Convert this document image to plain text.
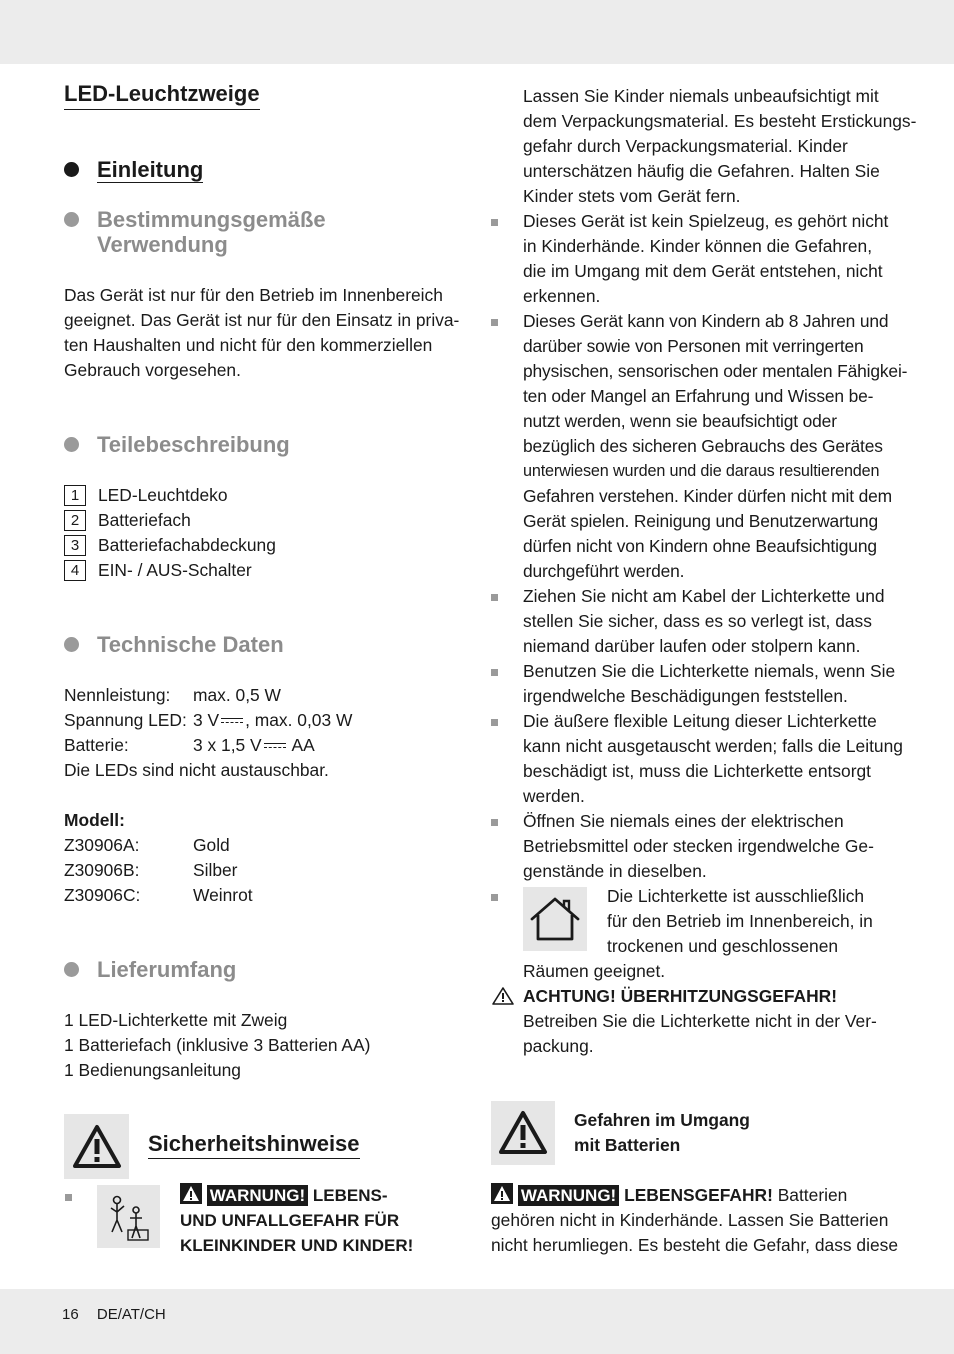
LED-Leuchtzweige
Einleitung
Bestimmungsgemäße
Verwendung
Das Gerät ist nur für den Betrieb im Innenbereich
geeignet. Das Gerät ist nur für den Einsatz in priva-
ten Haushalten und nicht für den kommerziellen
Gebrauch vorgesehen.
Teilebeschreibung
1	LED-Leuchtdeko
2	Batteriefach
3	Batteriefachabdeckung
4	EIN- / AUS-Schalter
Technische Daten
Nennleistung: max. 0,5 W
Spannung LED: 3 V , max. 0,03 W
Batterie:	3 x 1,5 V AA
Die LEDs sind nicht austauschbar.
Modell:
Z30906A:	Gold
Z30906B:	Silber
Z30906C:	Weinrot
Lieferumfang
1 LED-Lichterkette mit Zweig
1 Batteriefach (inklusive 3 Batterien AA)
1 Bedienungsanleitung
Sicherheitshinweise
WARNUNG! LEBENS-
UND UNFALLGEFAHR FÜR
KLEINKINDER UND KINDER!
Lassen Sie Kinder niemals unbeaufsichtigt mit
dem Verpackungsmaterial. Es besteht Erstickungs-
gefahr durch Verpackungsmaterial. Kinder
unterschätzen häufig die Gefahren. Halten Sie
Kinder stets vom Gerät fern.
Dieses Gerät ist kein Spielzeug, es gehört nicht
in Kinderhände. Kinder können die Gefahren,
die im Umgang mit dem Gerät entstehen, nicht
erkennen.
Dieses Gerät kann von Kindern ab 8 Jahren und
darüber sowie von Personen mit verringerten
physischen, sensorischen oder mentalen Fähigkei-
ten oder Mangel an Erfahrung und Wissen be-
nutzt werden, wenn sie beaufsichtigt oder
bezüglich des sicheren Gebrauchs des Gerätes
unterwiesen wurden und die daraus resultierenden
Gefahren verstehen. Kinder dürfen nicht mit dem
Gerät spielen. Reinigung und Benutzerwartung
dürfen nicht von Kindern ohne Beaufsichtigung
durchgeführt werden.
Ziehen Sie nicht am Kabel der Lichterkette und
stellen Sie sicher, dass es so verlegt ist, dass
niemand darüber laufen oder stolpern kann.
Benutzen Sie die Lichterkette niemals, wenn Sie
irgendwelche Beschädigungen feststellen.
Die äußere flexible Leitung dieser Lichterkette
kann nicht ausgetauscht werden; falls die Leitung
beschädigt ist, muss die Lichterkette entsorgt
werden.
Öffnen Sie niemals eines der elektrischen
Betriebsmittel oder stecken irgendwelche Ge-
genstände in dieselben.
Die Lichterkette ist ausschließlich
für den Betrieb im Innenbereich, in
trockenen und geschlossenen
Räumen geeignet.
ACHTUNG! ÜBERHITZUNGSGEFAHR!
Betreiben Sie die Lichterkette nicht in der Ver-
packung.
Gefahren im Umgang
mit Batterien
WARNUNG! LEBENSGEFAHR! Batterien
gehören nicht in Kinderhände. Lassen Sie Batterien
nicht herumliegen. Es besteht die Gefahr, dass diese
16 DE/AT/CH
